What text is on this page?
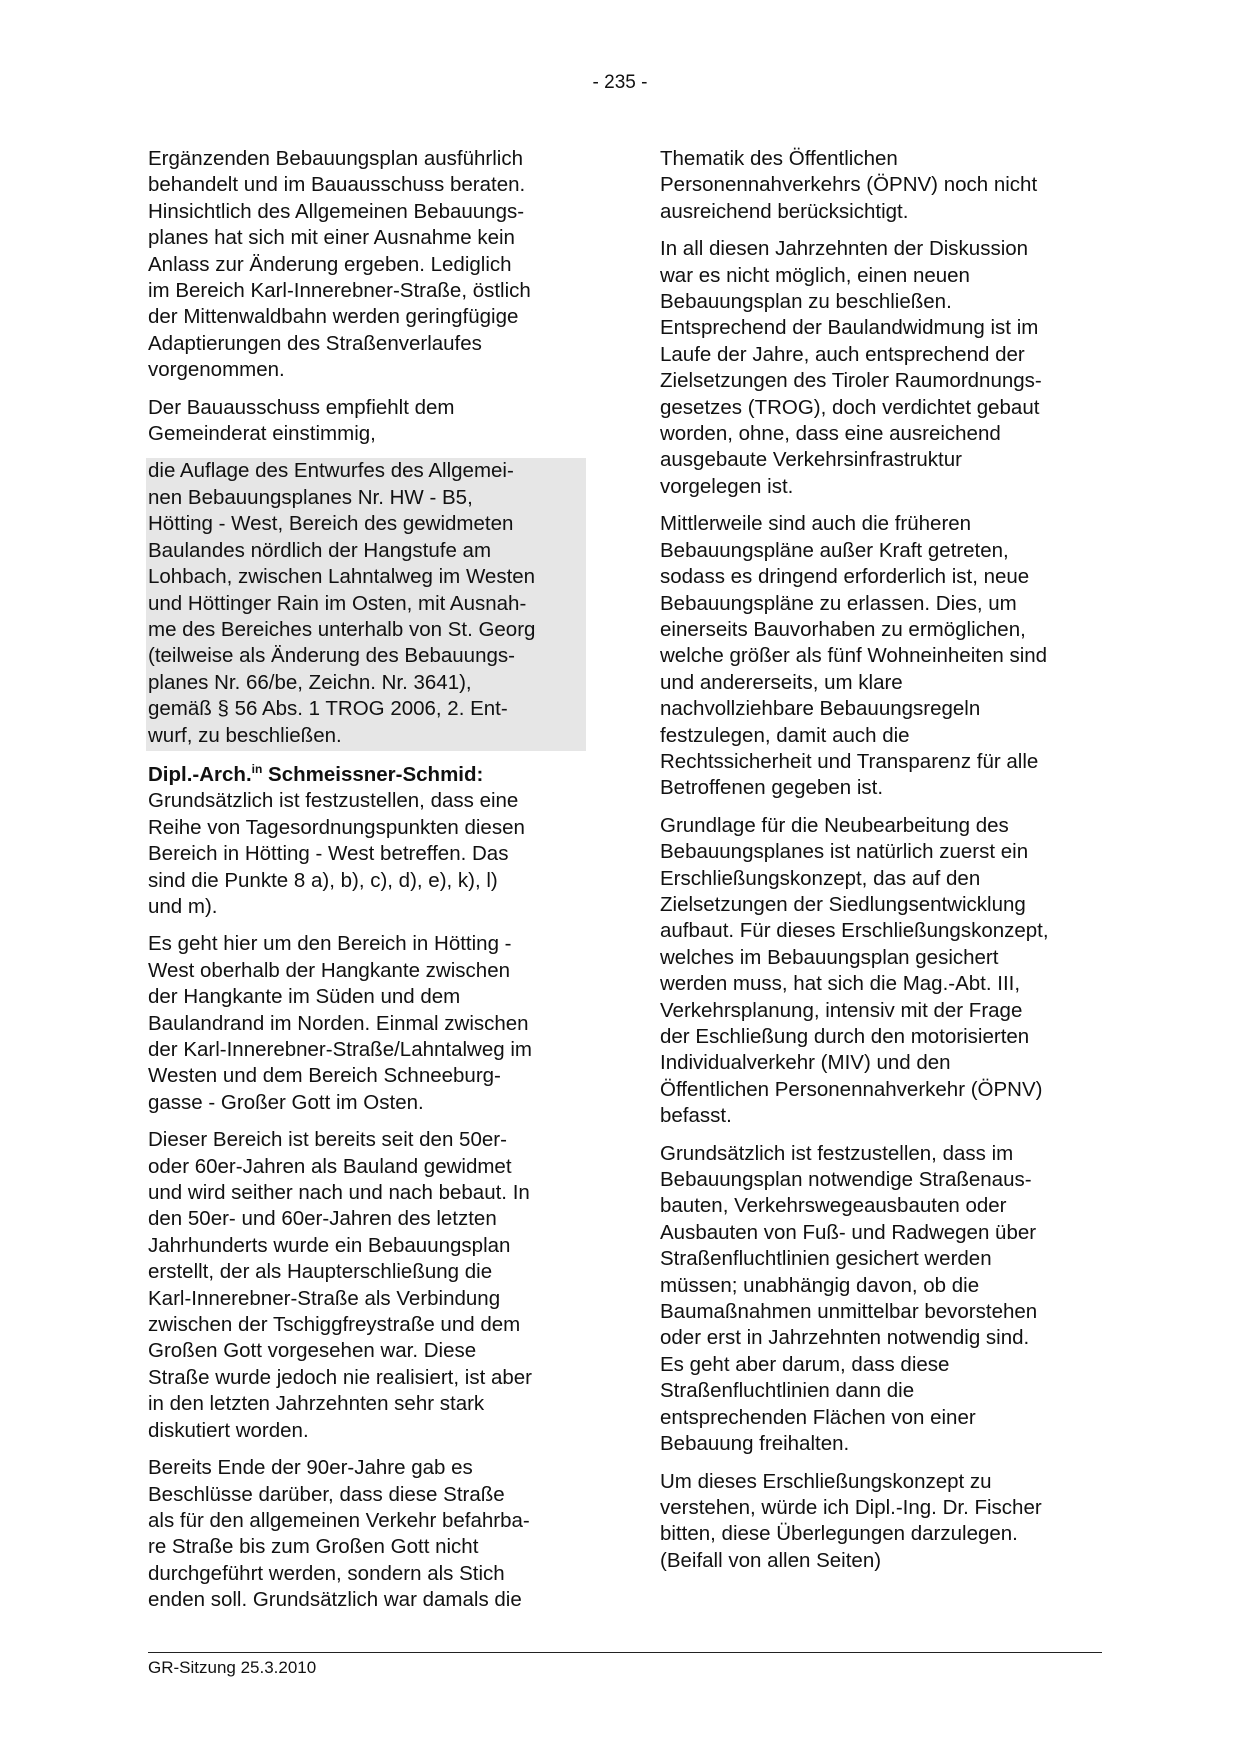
- 235 -

Ergänzenden Bebauungsplan ausführlich
behandelt und im Bauausschuss beraten.
Hinsichtlich des Allgemeinen Bebauungs-
planes hat sich mit einer Ausnahme kein
Anlass zur Änderung ergeben. Lediglich
im Bereich Karl-Innerebner-Straße, östlich
der Mittenwaldbahn werden geringfügige
Adaptierungen des Straßenverlaufes
vorgenommen.

Der Bauausschuss empfiehlt dem
Gemeinderat einstimmig,

die Auflage des Entwurfes des Allgemei-
nen Bebauungsplanes Nr. HW - B5,
Hötting - West, Bereich des gewidmeten
Baulandes nördlich der Hangstufe am
Lohbach, zwischen Lahntalweg im Westen
und Höttinger Rain im Osten, mit Ausnah-
me des Bereiches unterhalb von St. Georg
(teilweise als Änderung des Bebauungs-
planes Nr. 66/be, Zeichn. Nr. 3641),
gemäß § 56 Abs. 1 TROG 2006, 2. Ent-
wurf, zu beschließen.

Dipl.-Arch.$^{in}$ Schmeissner-Schmid:
Grundsätzlich ist festzustellen, dass eine
Reihe von Tagesordnungspunkten diesen
Bereich in Hötting - West betreffen. Das
sind die Punkte 8 a), b), c), d), e), k), l)
und m).

Es geht hier um den Bereich in Hötting -
West oberhalb der Hangkante zwischen
der Hangkante im Süden und dem
Baulandrand im Norden. Einmal zwischen
der Karl-Innerebner-Straße/Lahntalweg im
Westen und dem Bereich Schneeburg-
gasse - Großer Gott im Osten.

Dieser Bereich ist bereits seit den 50er-
oder 60er-Jahren als Bauland gewidmet
und wird seither nach und nach bebaut. In
den 50er- und 60er-Jahren des letzten
Jahrhunderts wurde ein Bebauungsplan
erstellt, der als Haupterschließung die
Karl-Innerebner-Straße als Verbindung
zwischen der Tschiggfreystraße und dem
Großen Gott vorgesehen war. Diese
Straße wurde jedoch nie realisiert, ist aber
in den letzten Jahrzehnten sehr stark
diskutiert worden.

Bereits Ende der 90er-Jahre gab es
Beschlüsse darüber, dass diese Straße
als für den allgemeinen Verkehr befahrba-
re Straße bis zum Großen Gott nicht
durchgeführt werden, sondern als Stich
enden soll. Grundsätzlich war damals die

Thematik des Öffentlichen
Personennahverkehrs (ÖPNV) noch nicht
ausreichend berücksichtigt.

In all diesen Jahrzehnten der Diskussion
war es nicht möglich, einen neuen
Bebauungsplan zu beschließen.
Entsprechend der Baulandwidmung ist im
Laufe der Jahre, auch entsprechend der
Zielsetzungen des Tiroler Raumordnungs-
gesetzes (TROG), doch verdichtet gebaut
worden, ohne, dass eine ausreichend
ausgebaute Verkehrsinfrastruktur
vorgelegen ist.

Mittlerweile sind auch die früheren
Bebauungspläne außer Kraft getreten,
sodass es dringend erforderlich ist, neue
Bebauungspläne zu erlassen. Dies, um
einerseits Bauvorhaben zu ermöglichen,
welche größer als fünf Wohneinheiten sind
und andererseits, um klare
nachvollziehbare Bebauungsregeln
festzulegen, damit auch die
Rechtssicherheit und Transparenz für alle
Betroffenen gegeben ist.

Grundlage für die Neubearbeitung des
Bebauungsplanes ist natürlich zuerst ein
Erschließungskonzept, das auf den
Zielsetzungen der Siedlungsentwicklung
aufbaut. Für dieses Erschließungskonzept,
welches im Bebauungsplan gesichert
werden muss, hat sich die Mag.-Abt. III,
Verkehrsplanung, intensiv mit der Frage
der Eschließung durch den motorisierten
Individualverkehr (MIV) und den
Öffentlichen Personennahverkehr (ÖPNV)
befasst.

Grundsätzlich ist festzustellen, dass im
Bebauungsplan notwendige Straßenaus-
bauten, Verkehrswegeausbauten oder
Ausbauten von Fuß- und Radwegen über
Straßenfluchtlinien gesichert werden
müssen; unabhängig davon, ob die
Baumaßnahmen unmittelbar bevorstehen
oder erst in Jahrzehnten notwendig sind.
Es geht aber darum, dass diese
Straßenfluchtlinien dann die
entsprechenden Flächen von einer
Bebauung freihalten.

Um dieses Erschließungskonzept zu
verstehen, würde ich Dipl.-Ing. Dr. Fischer
bitten, diese Überlegungen darzulegen.
(Beifall von allen Seiten)

GR-Sitzung 25.3.2010
